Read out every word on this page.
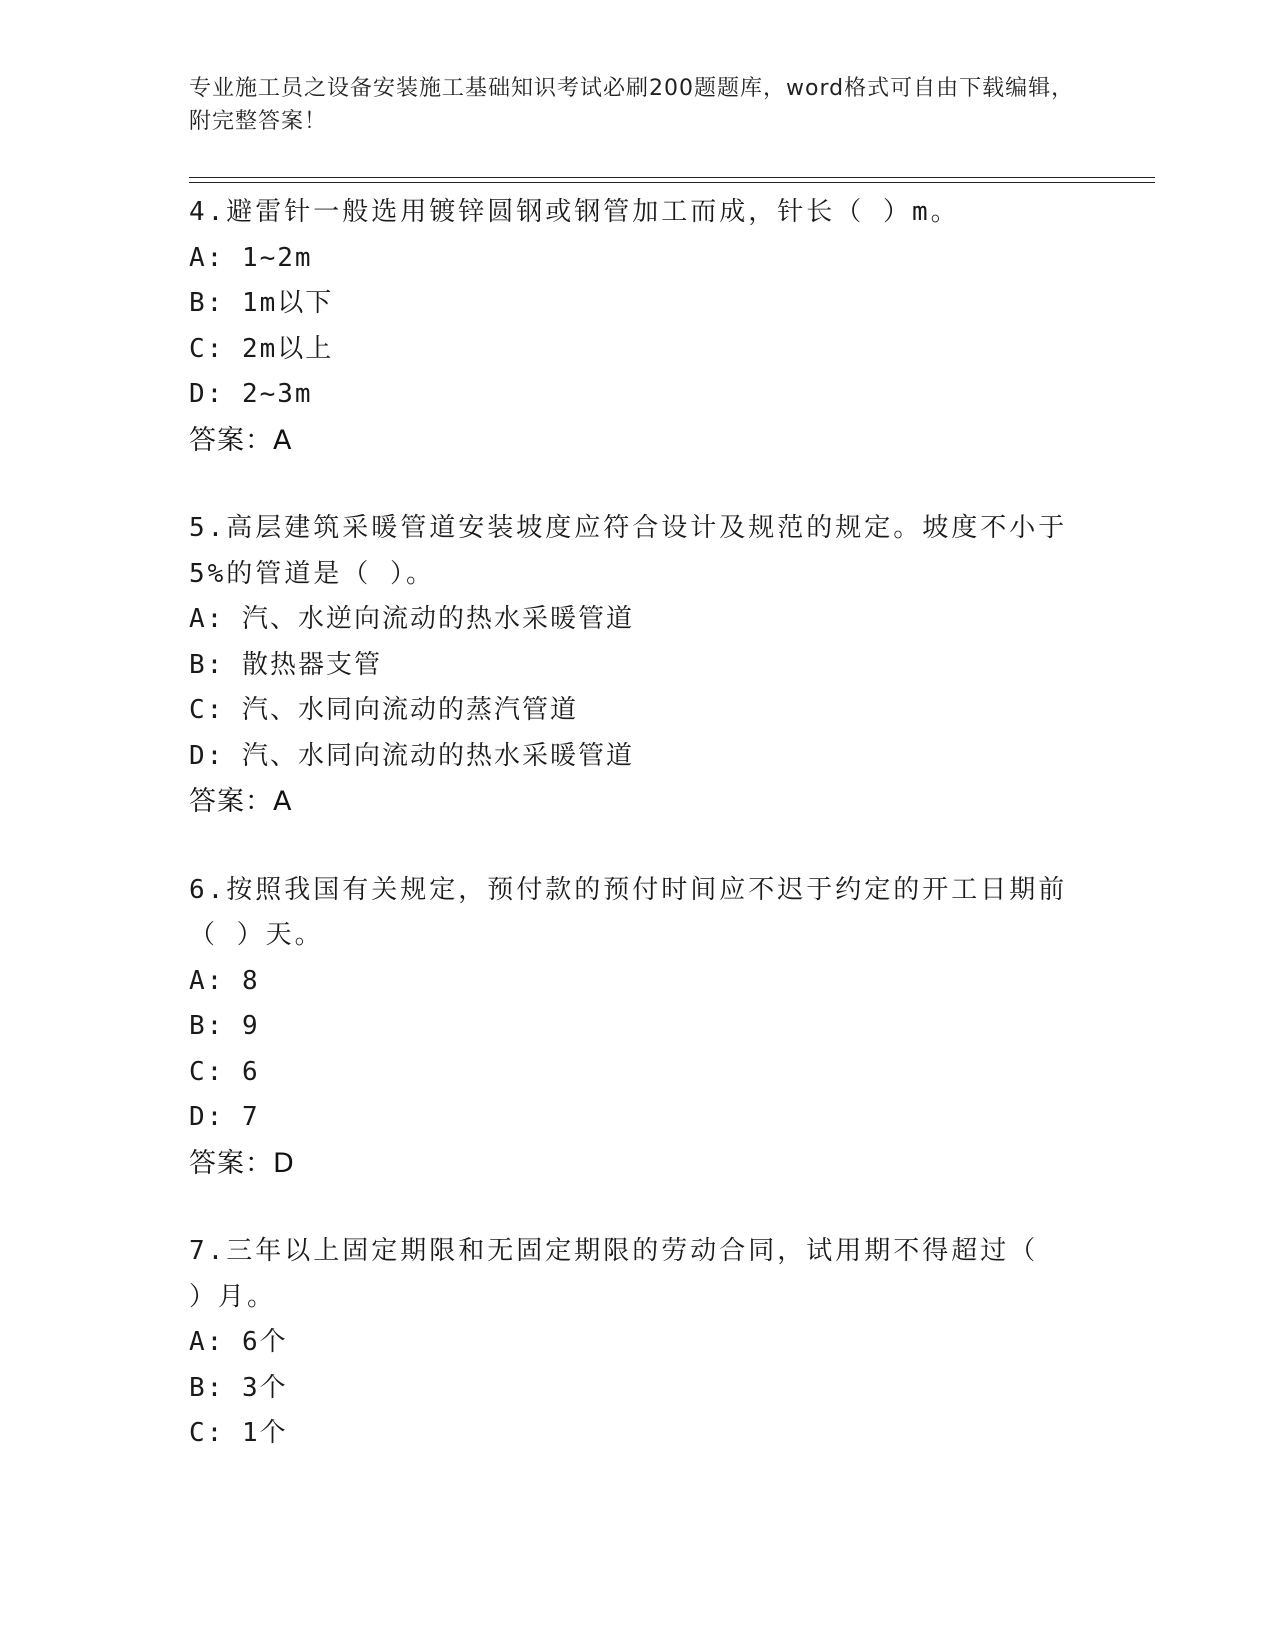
专业施工员之设备安装施工基础知识考试必刷200题题库，word格式可自由下载编辑，附完整答案！
4.避雷针一般选用镀锌圆钢或钢管加工而成，针长（ ）m。
A: 1~2m
B: 1m以下
C: 2m以上
D: 2~3m
答案：A
5.高层建筑采暖管道安装坡度应符合设计及规范的规定。坡度不小于5%的管道是（ ）。
A: 汽、水逆向流动的热水采暖管道
B: 散热器支管
C: 汽、水同向流动的蒸汽管道
D: 汽、水同向流动的热水采暖管道
答案：A
6.按照我国有关规定，预付款的预付时间应不迟于约定的开工日期前（ ）天。
A: 8
B: 9
C: 6
D: 7
答案：D
7.三年以上固定期限和无固定期限的劳动合同，试用期不得超过（ ）月。
A: 6个
B: 3个
C: 1个
